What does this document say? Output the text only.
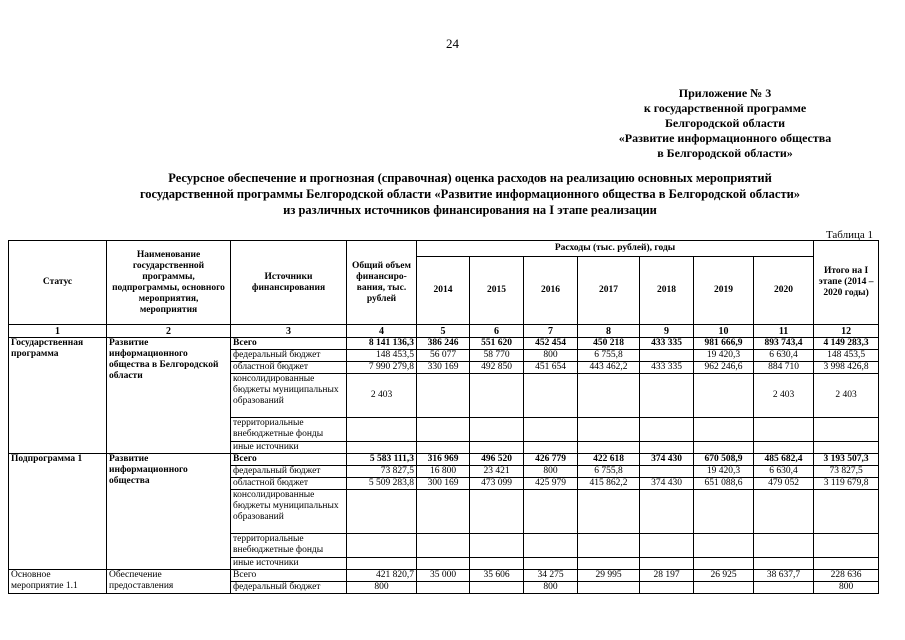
24
Приложение № 3
к государственной программе
Белгородской области
«Развитие информационного общества
в Белгородской области»
Ресурсное обеспечение и прогнозная (справочная) оценка расходов на реализацию основных мероприятий
государственной программы Белгородской области «Развитие информационного общества в Белгородской области»
из различных источников финансирования на I этапе реализации
Таблица 1
Статус	Наименование государственной программы, подпрограммы, основного мероприятия, мероприятия	Источники финансирования	Общий объем финансиро-вания, тыс. рублей	Расходы (тыс. рублей), годы							Итого на I этапе (2014 – 2020 годы)
				2014	2015	2016	2017	2018	2019	2020	
1	2	3	4	5	6	7	8	9	10	11	12
Государственная программа	Развитие информационного общества в Белгородской области	Всего	8 141 136,3	386 246	551 620	452 454	450 218	433 335	981 666,9	893 743,4	4 149 283,3
		федеральный бюджет	148 453,5	56 077	58 770	800	6 755,8		19 420,3	6 630,4	148 453,5
		областной бюджет	7 990 279,8	330 169	492 850	451 654	443 462,2	433 335	962 246,6	884 710	3 998 426,8
		консолидированные бюджеты муниципальных образований	2 403							2 403	2 403
		территориальные внебюджетные фонды									
		иные источники									
Подпрограмма 1	Развитие информационного общества	Всего	5 583 111,3	316 969	496 520	426 779	422 618	374 430	670 508,9	485 682,4	3 193 507,3
		федеральный бюджет	73 827,5	16 800	23 421	800	6 755,8		19 420,3	6 630,4	73 827,5
		областной бюджет	5 509 283,8	300 169	473 099	425 979	415 862,2	374 430	651 088,6	479 052	3 119 679,8
		консолидированные бюджеты муниципальных образований									
		территориальные внебюджетные фонды									
		иные источники									
Основное мероприятие 1.1	Обеспечение предоставления	Всего	421 820,7	35 000	35 606	34 275	29 995	28 197	26 925	38 637,7	228 636
		федеральный бюджет	800			800					800
